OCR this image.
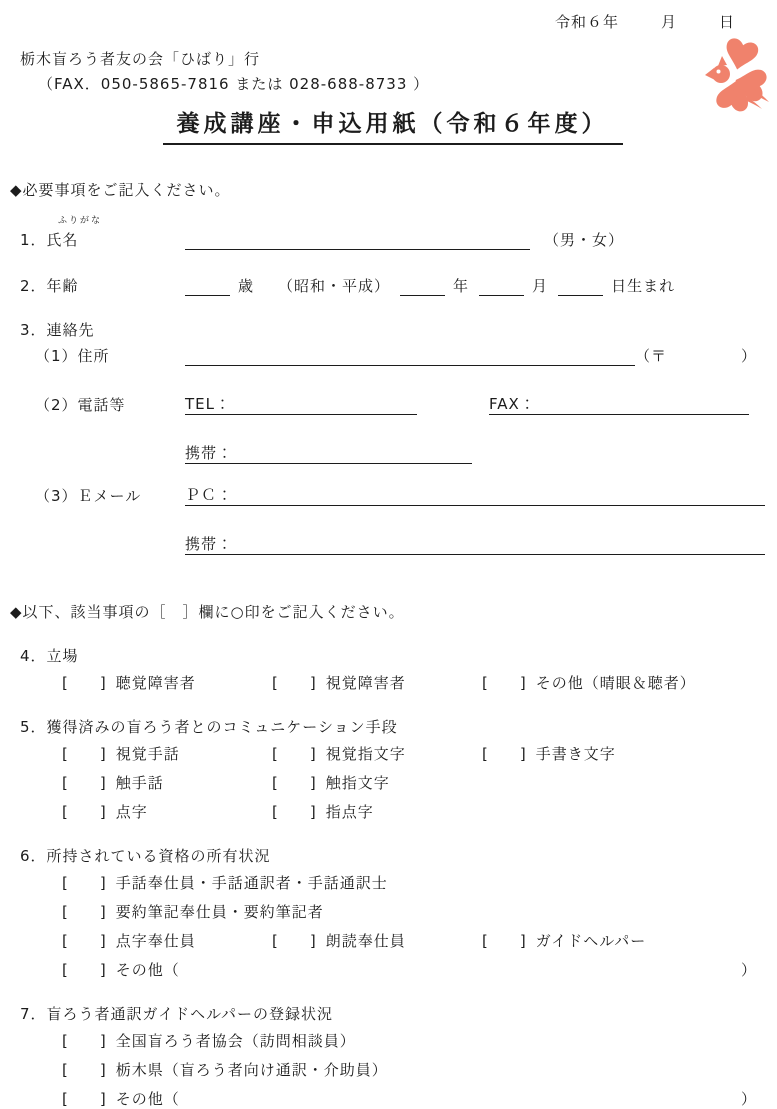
令和６年	月	日
栃木盲ろう者友の会「ひばり」行
（FAX．050-5865-7816 または 028-688-8733 ）
養成講座・申込用紙（令和６年度）
◆必要事項をご記入ください。
1．氏名
ふりがな
（男・女）
2．年齢	歳 （昭和・平成）	年	月	日生まれ
3．連絡先
（1）住所	（〒	）
（2）電話等	TEL：	FAX：
携帯：
（3）Ｅメール	ＰＣ：
携帯：
◆以下、該当事項の［　］欄に○印をご記入ください。
4．立場
[ ] 聴覚障害者	[ ] 視覚障害者	[ ] その他（晴眼＆聴者）
5．獲得済みの盲ろう者とのコミュニケーション手段
[ ] 視覚手話	[ ] 視覚指文字	[ ] 手書き文字
[ ] 触手話	[ ] 触指文字
[ ] 点字	[ ] 指点字
6．所持されている資格の所有状況
[ ] 手話奉仕員・手話通訳者・手話通訳士
[ ] 要約筆記奉仕員・要約筆記者
[ ] 点字奉仕員	[ ] 朗読奉仕員	[ ] ガイドヘルパー
[ ] その他（	）
7．盲ろう者通訳ガイドヘルパーの登録状況
[ ] 全国盲ろう者協会（訪問相談員）
[ ] 栃木県（盲ろう者向け通訳・介助員）
[ ] その他（	）
